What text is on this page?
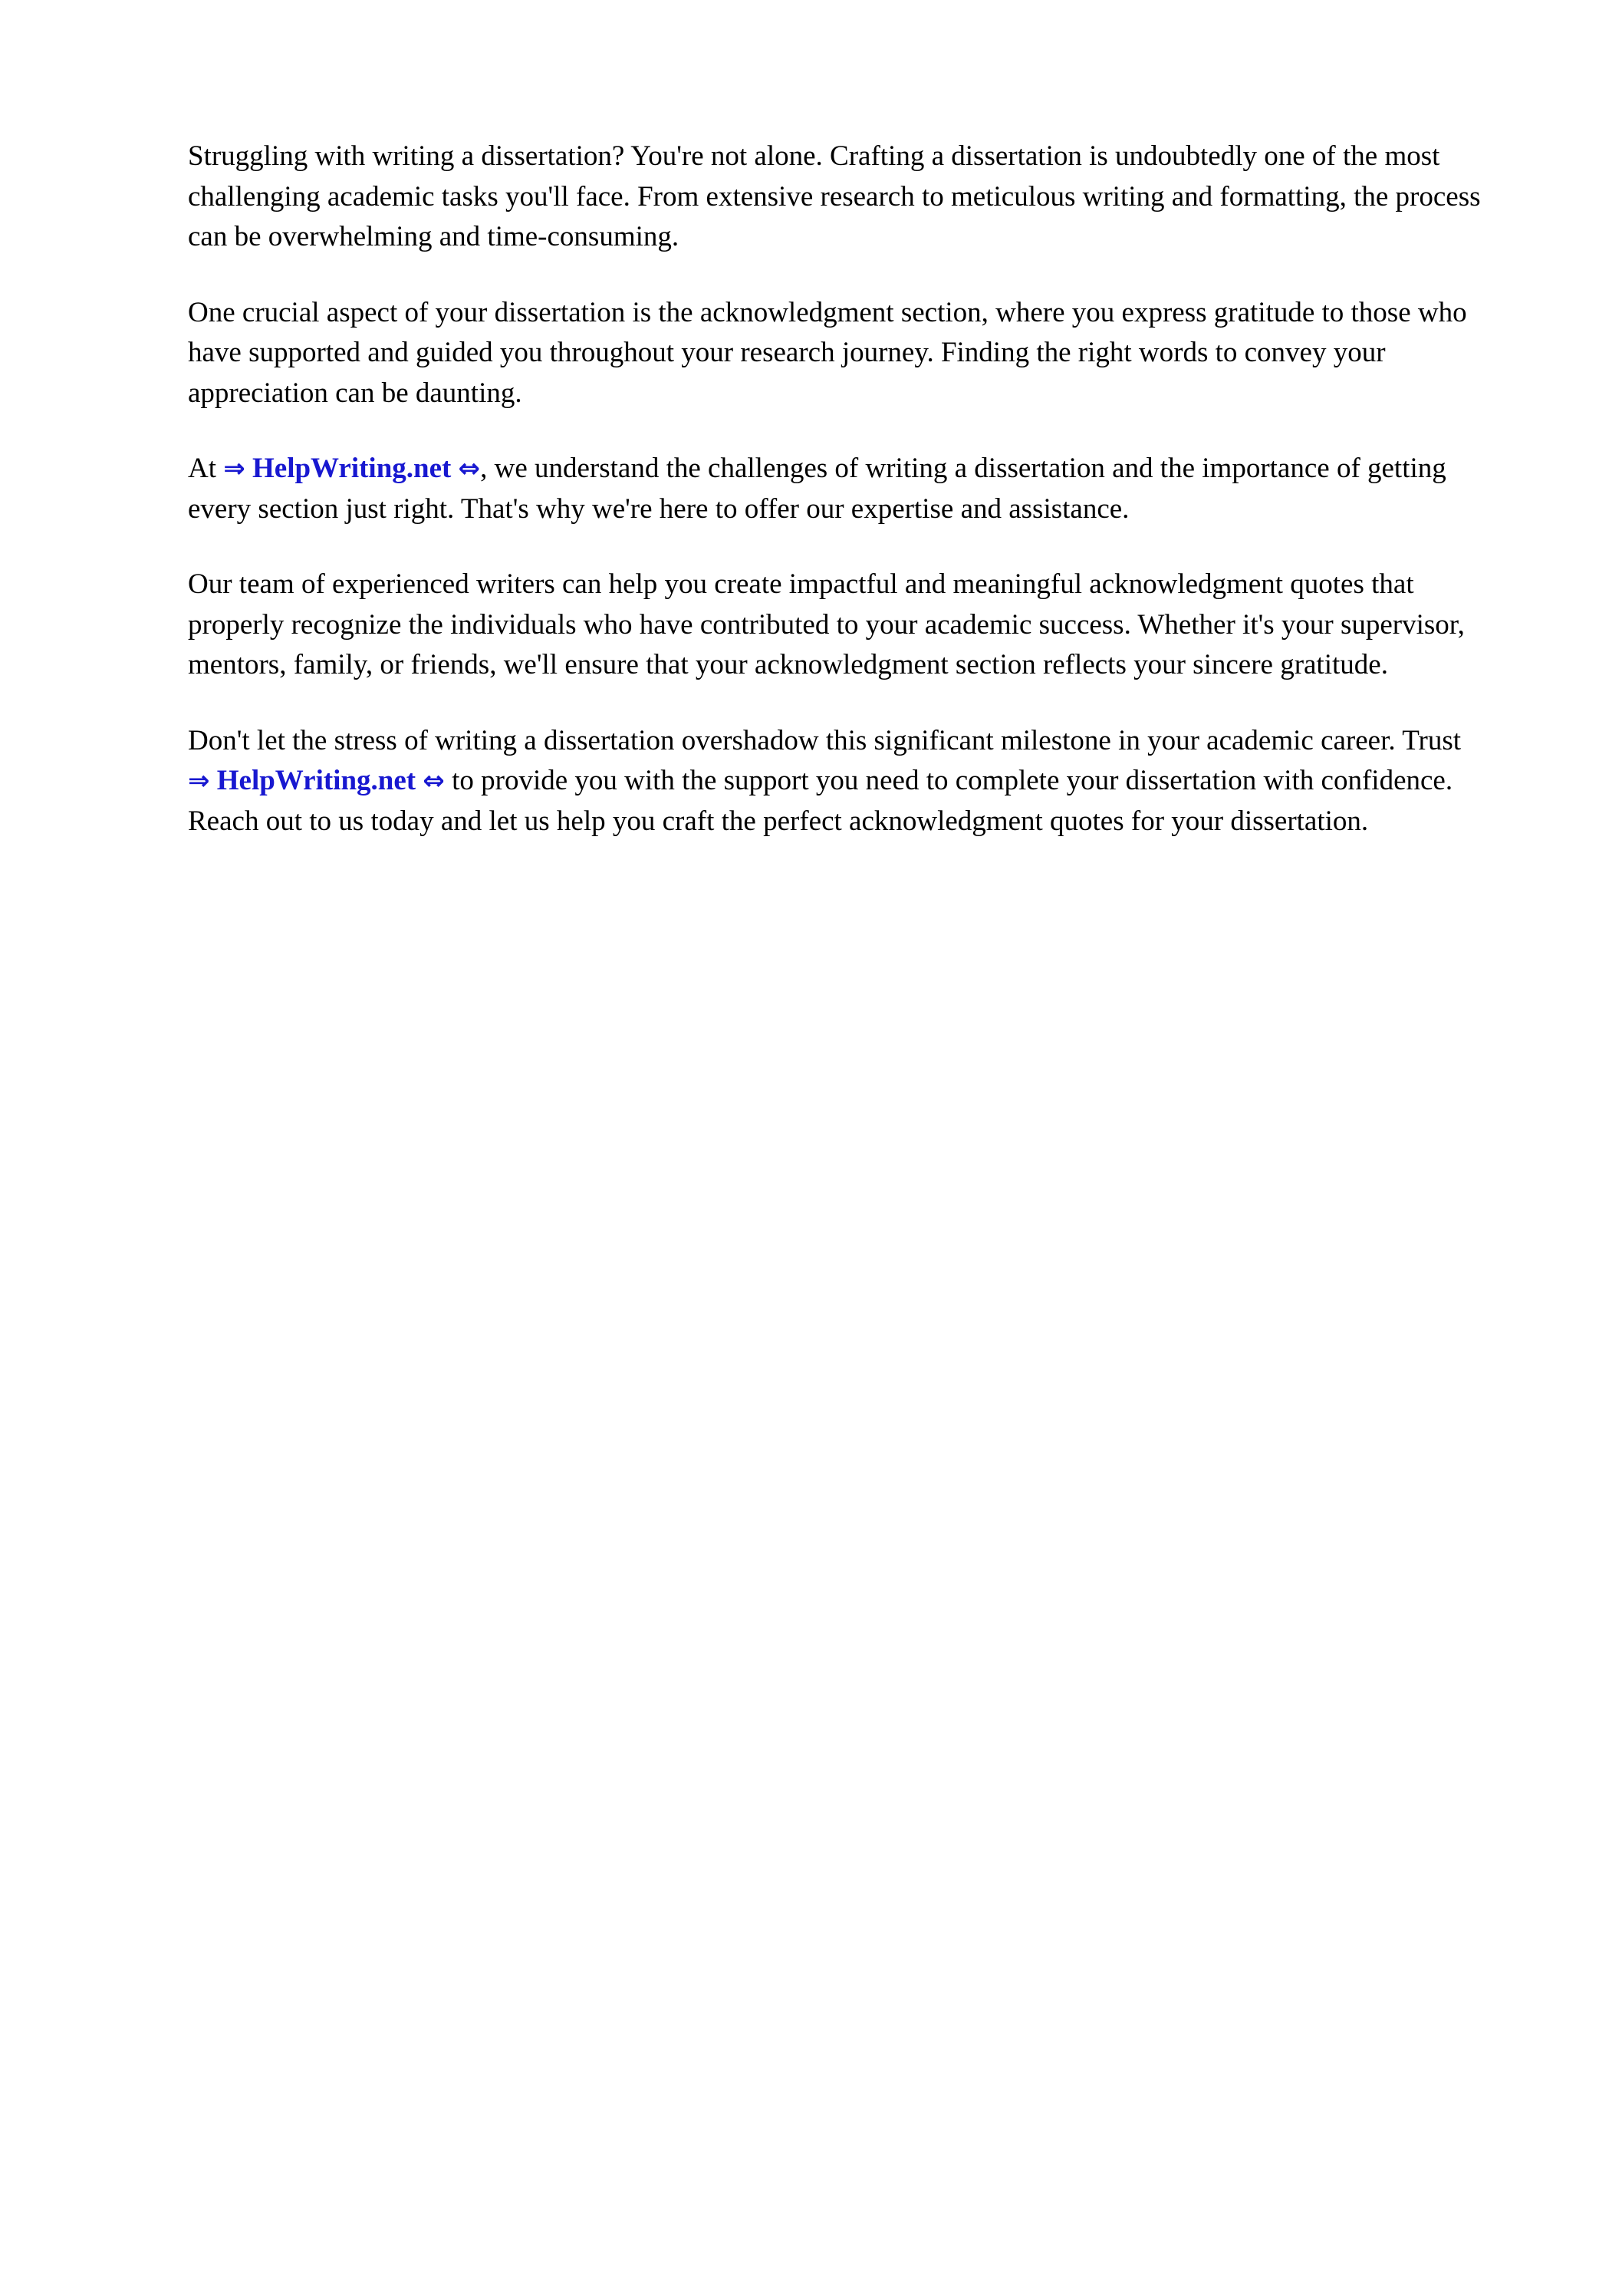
Struggling with writing a dissertation? You're not alone. Crafting a dissertation is undoubtedly one of the most challenging academic tasks you'll face. From extensive research to meticulous writing and formatting, the process can be overwhelming and time-consuming.

One crucial aspect of your dissertation is the acknowledgment section, where you express gratitude to those who have supported and guided you throughout your research journey. Finding the right words to convey your appreciation can be daunting.

At ⇒ HelpWriting.net ⇔, we understand the challenges of writing a dissertation and the importance of getting every section just right. That's why we're here to offer our expertise and assistance.

Our team of experienced writers can help you create impactful and meaningful acknowledgment quotes that properly recognize the individuals who have contributed to your academic success. Whether it's your supervisor, mentors, family, or friends, we'll ensure that your acknowledgment section reflects your sincere gratitude.

Don't let the stress of writing a dissertation overshadow this significant milestone in your academic career. Trust ⇒ HelpWriting.net ⇔ to provide you with the support you need to complete your dissertation with confidence. Reach out to us today and let us help you craft the perfect acknowledgment quotes for your dissertation.
